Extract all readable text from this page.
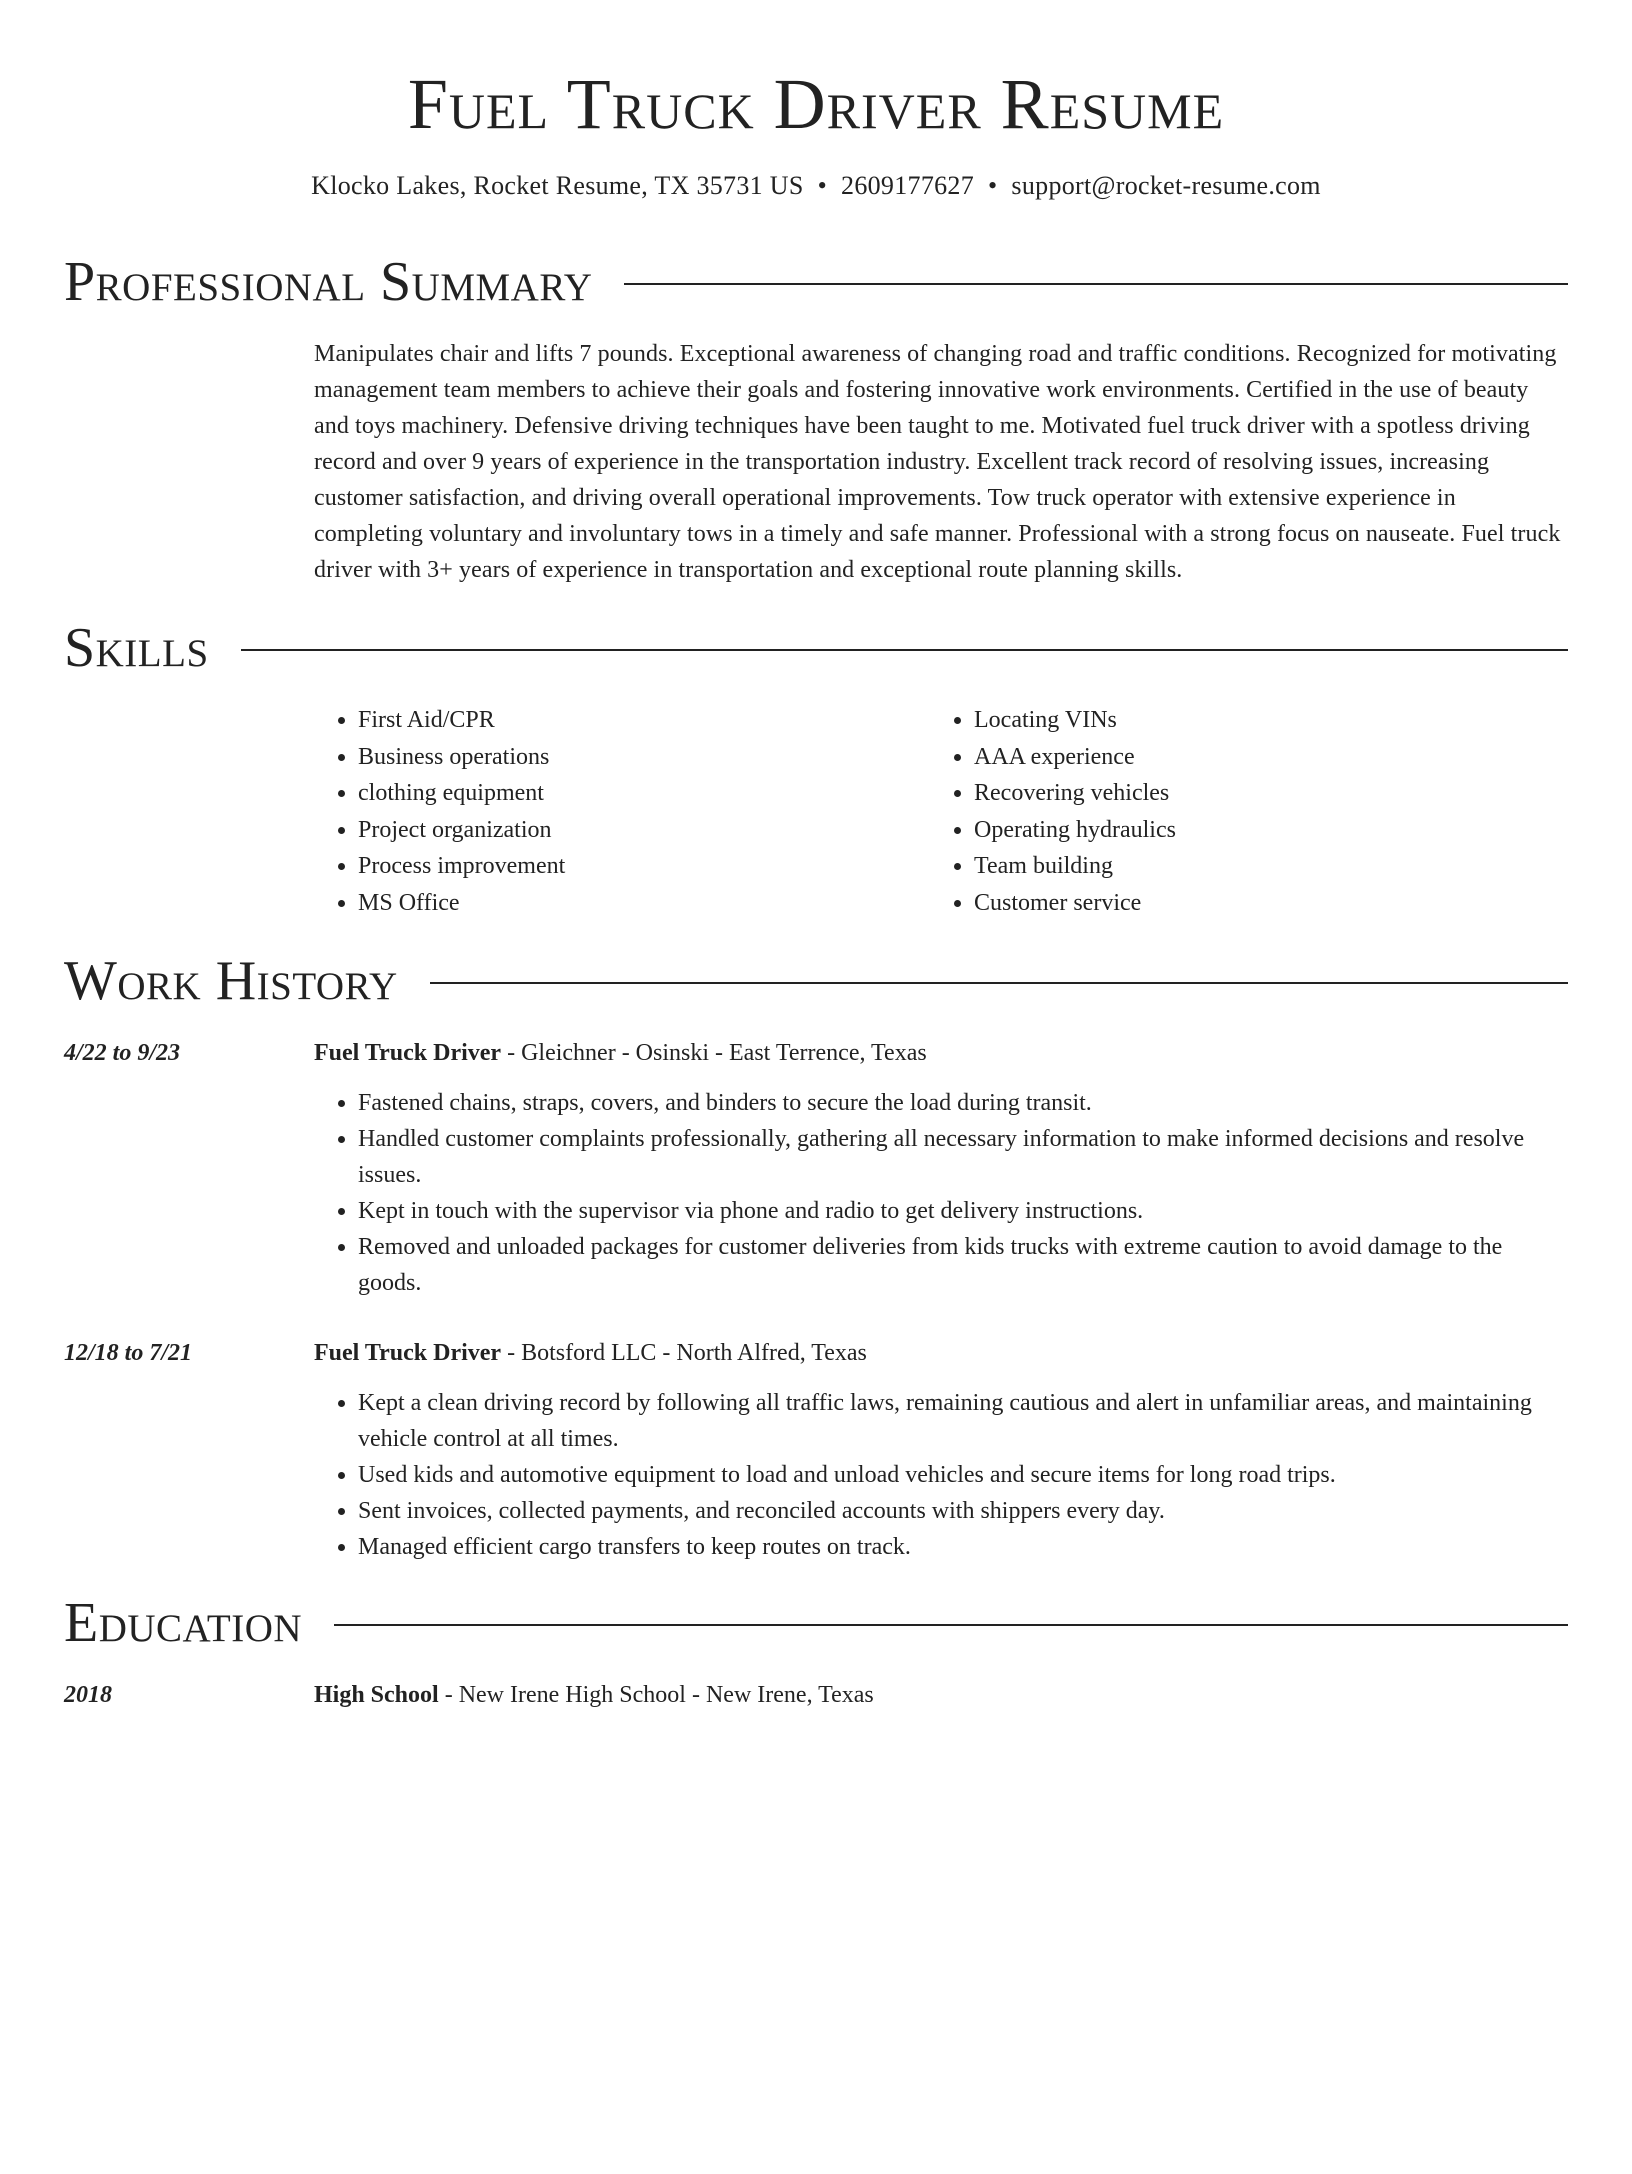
Fuel Truck Driver Resume
Klocko Lakes, Rocket Resume, TX 35731 US • 2609177627 • support@rocket-resume.com
Professional Summary

Manipulates chair and lifts 7 pounds. Exceptional awareness of changing road and traffic conditions. Recognized for motivating management team members to achieve their goals and fostering innovative work environments. Certified in the use of beauty and toys machinery. Defensive driving techniques have been taught to me. Motivated fuel truck driver with a spotless driving record and over 9 years of experience in the transportation industry. Excellent track record of resolving issues, increasing customer satisfaction, and driving overall operational improvements. Tow truck operator with extensive experience in completing voluntary and involuntary tows in a timely and safe manner. Professional with a strong focus on nauseate. Fuel truck driver with 3+ years of experience in transportation and exceptional route planning skills.

Skills
• First Aid/CPR
• Business operations
• clothing equipment
• Project organization
• Process improvement
• MS Office
• Locating VINs
• AAA experience
• Recovering vehicles
• Operating hydraulics
• Team building
• Customer service
Work History
4/22 to 9/23	Fuel Truck Driver - Gleichner - Osinski - East Terrence, Texas
• Fastened chains, straps, covers, and binders to secure the load during transit.
• Handled customer complaints professionally, gathering all necessary information to make informed decisions and resolve issues.
• Kept in touch with the supervisor via phone and radio to get delivery instructions.
• Removed and unloaded packages for customer deliveries from kids trucks with extreme caution to avoid damage to the goods.
12/18 to 7/21	Fuel Truck Driver - Botsford LLC - North Alfred, Texas
• Kept a clean driving record by following all traffic laws, remaining cautious and alert in unfamiliar areas, and maintaining vehicle control at all times.
• Used kids and automotive equipment to load and unload vehicles and secure items for long road trips.
• Sent invoices, collected payments, and reconciled accounts with shippers every day.
• Managed efficient cargo transfers to keep routes on track.
Education
2018	High School - New Irene High School - New Irene, Texas
